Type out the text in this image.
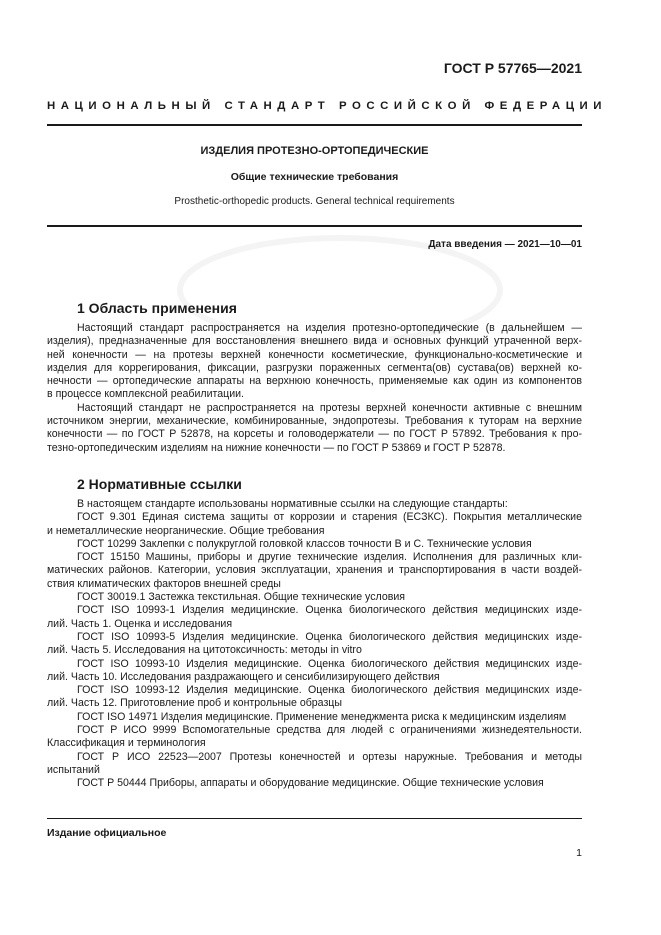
ГОСТ Р 57765—2021
НАЦИОНАЛЬНЫЙ СТАНДАРТ РОССИЙСКОЙ ФЕДЕРАЦИИ
ИЗДЕЛИЯ ПРОТЕЗНО-ОРТОПЕДИЧЕСКИЕ
Общие технические требования
Prosthetic-orthopedic products. General technical requirements
Дата введения — 2021—10—01
1 Область применения

Настоящий стандарт распространяется на изделия протезно-ортопедические (в дальнейшем —

изделия), предназначенные для восстановления внешнего вида и основных функций утраченной верх-

ней конечности — на протезы верхней конечности косметические, функционально-косметические и

изделия для коррегирования, фиксации, разгрузки пораженных сегмента(ов) сустава(ов) верхней ко-

нечности — ортопедические аппараты на верхнюю конечность, применяемые как один из компонентов

в процессе комплексной реабилитации.

Настоящий стандарт не распространяется на протезы верхней конечности активные с внешним

источником энергии, механические, комбинированные, эндопротезы. Требования к туторам на верхние

конечности — по ГОСТ Р 52878, на корсеты и головодержатели — по ГОСТ Р 57892. Требования к про-

тезно-ортопедическим изделиям на нижние конечности — по ГОСТ Р 53869 и ГОСТ Р 52878.

2 Нормативные ссылки

В настоящем стандарте использованы нормативные ссылки на следующие стандарты:

ГОСТ 9.301 Единая система защиты от коррозии и старения (ЕСЗКС). Покрытия металлические

и неметаллические неорганические. Общие требования

ГОСТ 10299 Заклепки с полукруглой головкой классов точности В и С. Технические условия

ГОСТ 15150 Машины, приборы и другие технические изделия. Исполнения для различных кли-

матических районов. Категории, условия эксплуатации, хранения и транспортирования в части воздей-

ствия климатических факторов внешней среды

ГОСТ 30019.1 Застежка текстильная. Общие технические условия

ГОСТ ISO 10993-1 Изделия медицинские. Оценка биологического действия медицинских изде-

лий. Часть 1. Оценка и исследования

ГОСТ ISO 10993-5 Изделия медицинские. Оценка биологического действия медицинских изде-

лий. Часть 5. Исследования на цитотоксичность: методы in vitro

ГОСТ ISO 10993-10 Изделия медицинские. Оценка биологического действия медицинских изде-

лий. Часть 10. Исследования раздражающего и сенсибилизирующего действия

ГОСТ ISO 10993-12 Изделия медицинские. Оценка биологического действия медицинских изде-

лий. Часть 12. Приготовление проб и контрольные образцы

ГОСТ ISO 14971 Изделия медицинские. Применение менеджмента риска к медицинским изделиям

ГОСТ Р ИСО 9999 Вспомогательные средства для людей с ограничениями жизнедеятельности.

Классификация и терминология

ГОСТ Р ИСО 22523—2007 Протезы конечностей и ортезы наружные. Требования и методы

испытаний

ГОСТ Р 50444 Приборы, аппараты и оборудование медицинские. Общие технические условия

Издание официальное
1
